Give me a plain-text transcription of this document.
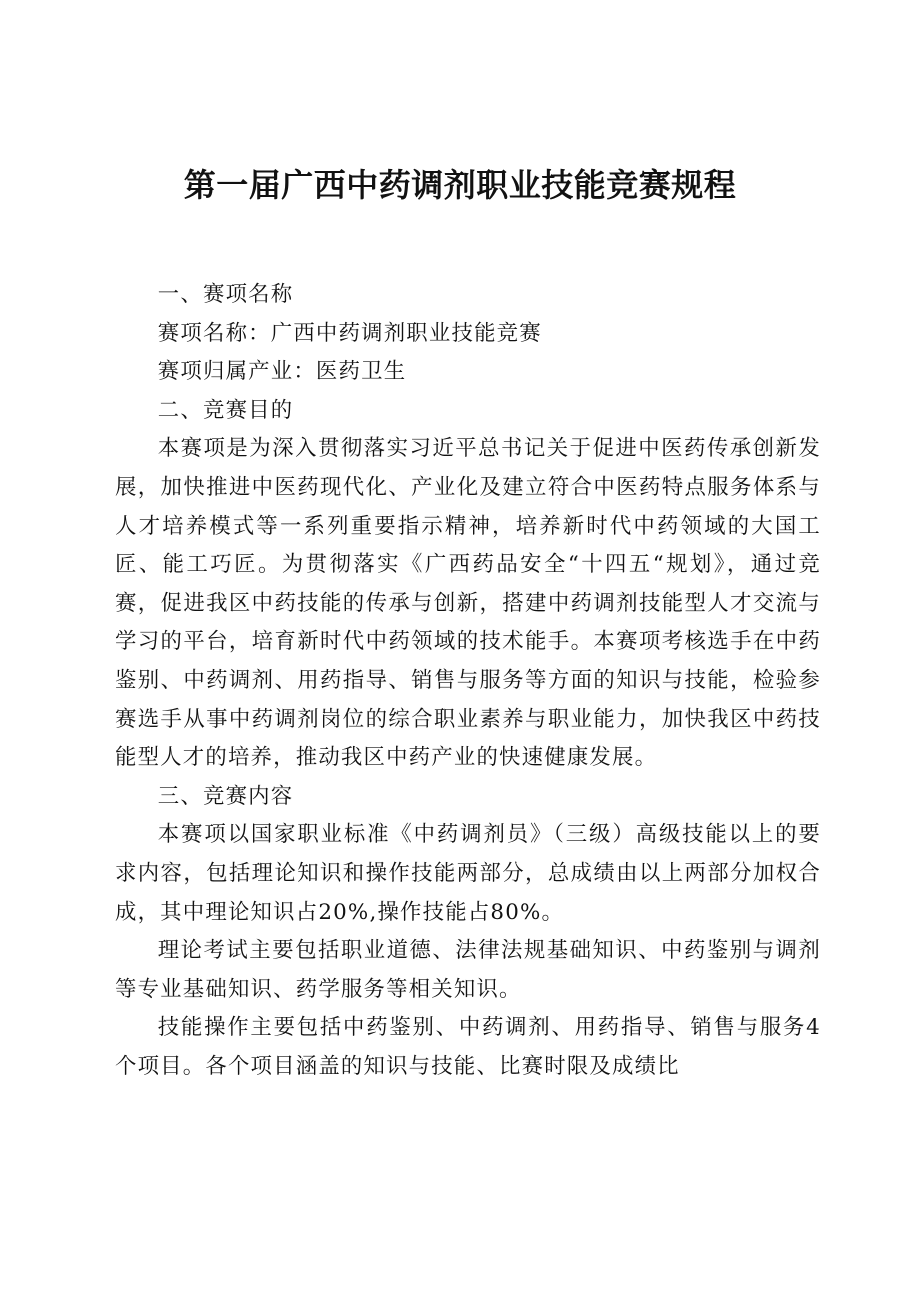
第一届广西中药调剂职业技能竞赛规程

一、赛项名称

赛项名称：广西中药调剂职业技能竞赛

赛项归属产业：医药卫生

二、竞赛目的

本赛项是为深入贯彻落实习近平总书记关于促进中医药传承创新发展，加快推进中医药现代化、产业化及建立符合中医药特点服务体系与人才培养模式等一系列重要指示精神，培养新时代中药领域的大国工匠、能工巧匠。为贯彻落实《广西药品安全“十四五“规划》，通过竞赛，促进我区中药技能的传承与创新，搭建中药调剂技能型人才交流与学习的平台，培育新时代中药领域的技术能手。本赛项考核选手在中药鉴别、中药调剂、用药指导、销售与服务等方面的知识与技能，检验参赛选手从事中药调剂岗位的综合职业素养与职业能力，加快我区中药技能型人才的培养，推动我区中药产业的快速健康发展。

三、竞赛内容

本赛项以国家职业标准《中药调剂员》（三级）高级技能以上的要求内容，包括理论知识和操作技能两部分，总成绩由以上两部分加权合成，其中理论知识占20%,操作技能占80%。

理论考试主要包括职业道德、法律法规基础知识、中药鉴别与调剂等专业基础知识、药学服务等相关知识。

技能操作主要包括中药鉴别、中药调剂、用药指导、销售与服务4个项目。各个项目涵盖的知识与技能、比赛时限及成绩比
